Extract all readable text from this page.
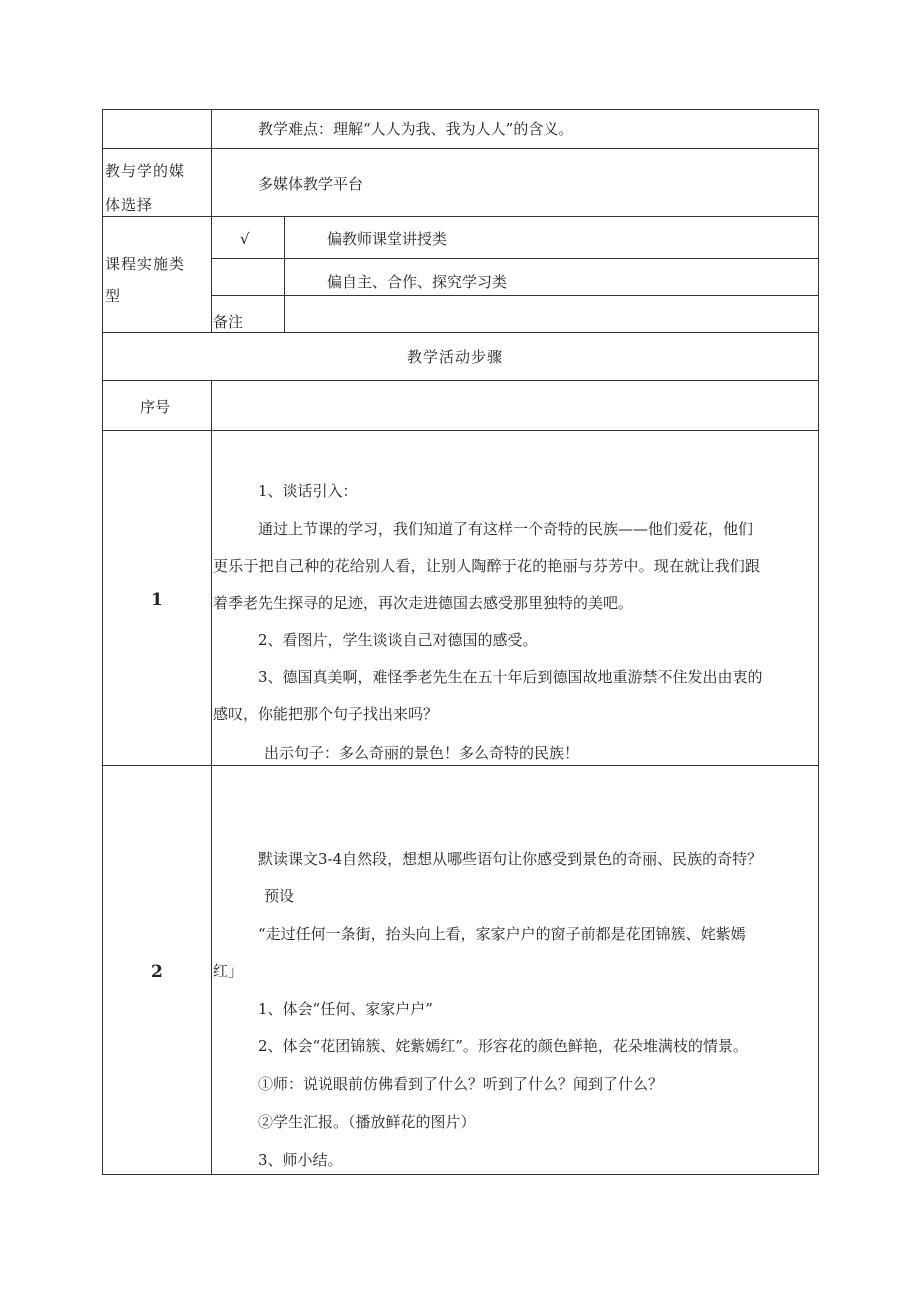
教学难点：理解“人人为我、我为人人”的含义。
教与学的媒
体选择
多媒体教学平台
课程实施类
型
√	偏教师课堂讲授类
偏自主、合作、探究学习类
备注
教学活动步骤
序号
1
1、谈话引入：
通过上节课的学习，我们知道了有这样一个奇特的民族——他们爱花，他们
更乐于把自己种的花给别人看，让别人陶醉于花的艳丽与芬芳中。现在就让我们跟
着季老先生探寻的足迹，再次走进德国去感受那里独特的美吧。
2、看图片，学生谈谈自己对德国的感受。
3、德国真美啊，难怪季老先生在五十年后到德国故地重游禁不住发出由衷的
感叹，你能把那个句子找出来吗？
出示句子：多么奇丽的景色！多么奇特的民族！
2
默读课文3-4自然段，想想从哪些语句让你感受到景色的奇丽、民族的奇特？
预设
“走过任何一条街，抬头向上看，家家户户的窗子前都是花团锦簇、姹紫嫣
红」
1、体会“任何、家家户户”
2、体会“花团锦簇、姹紫嫣红”。形容花的颜色鲜艳，花朵堆满枝的情景。
①师：说说眼前仿佛看到了什么？听到了什么？闻到了什么？
②学生汇报。（播放鲜花的图片）
3、师小结。
